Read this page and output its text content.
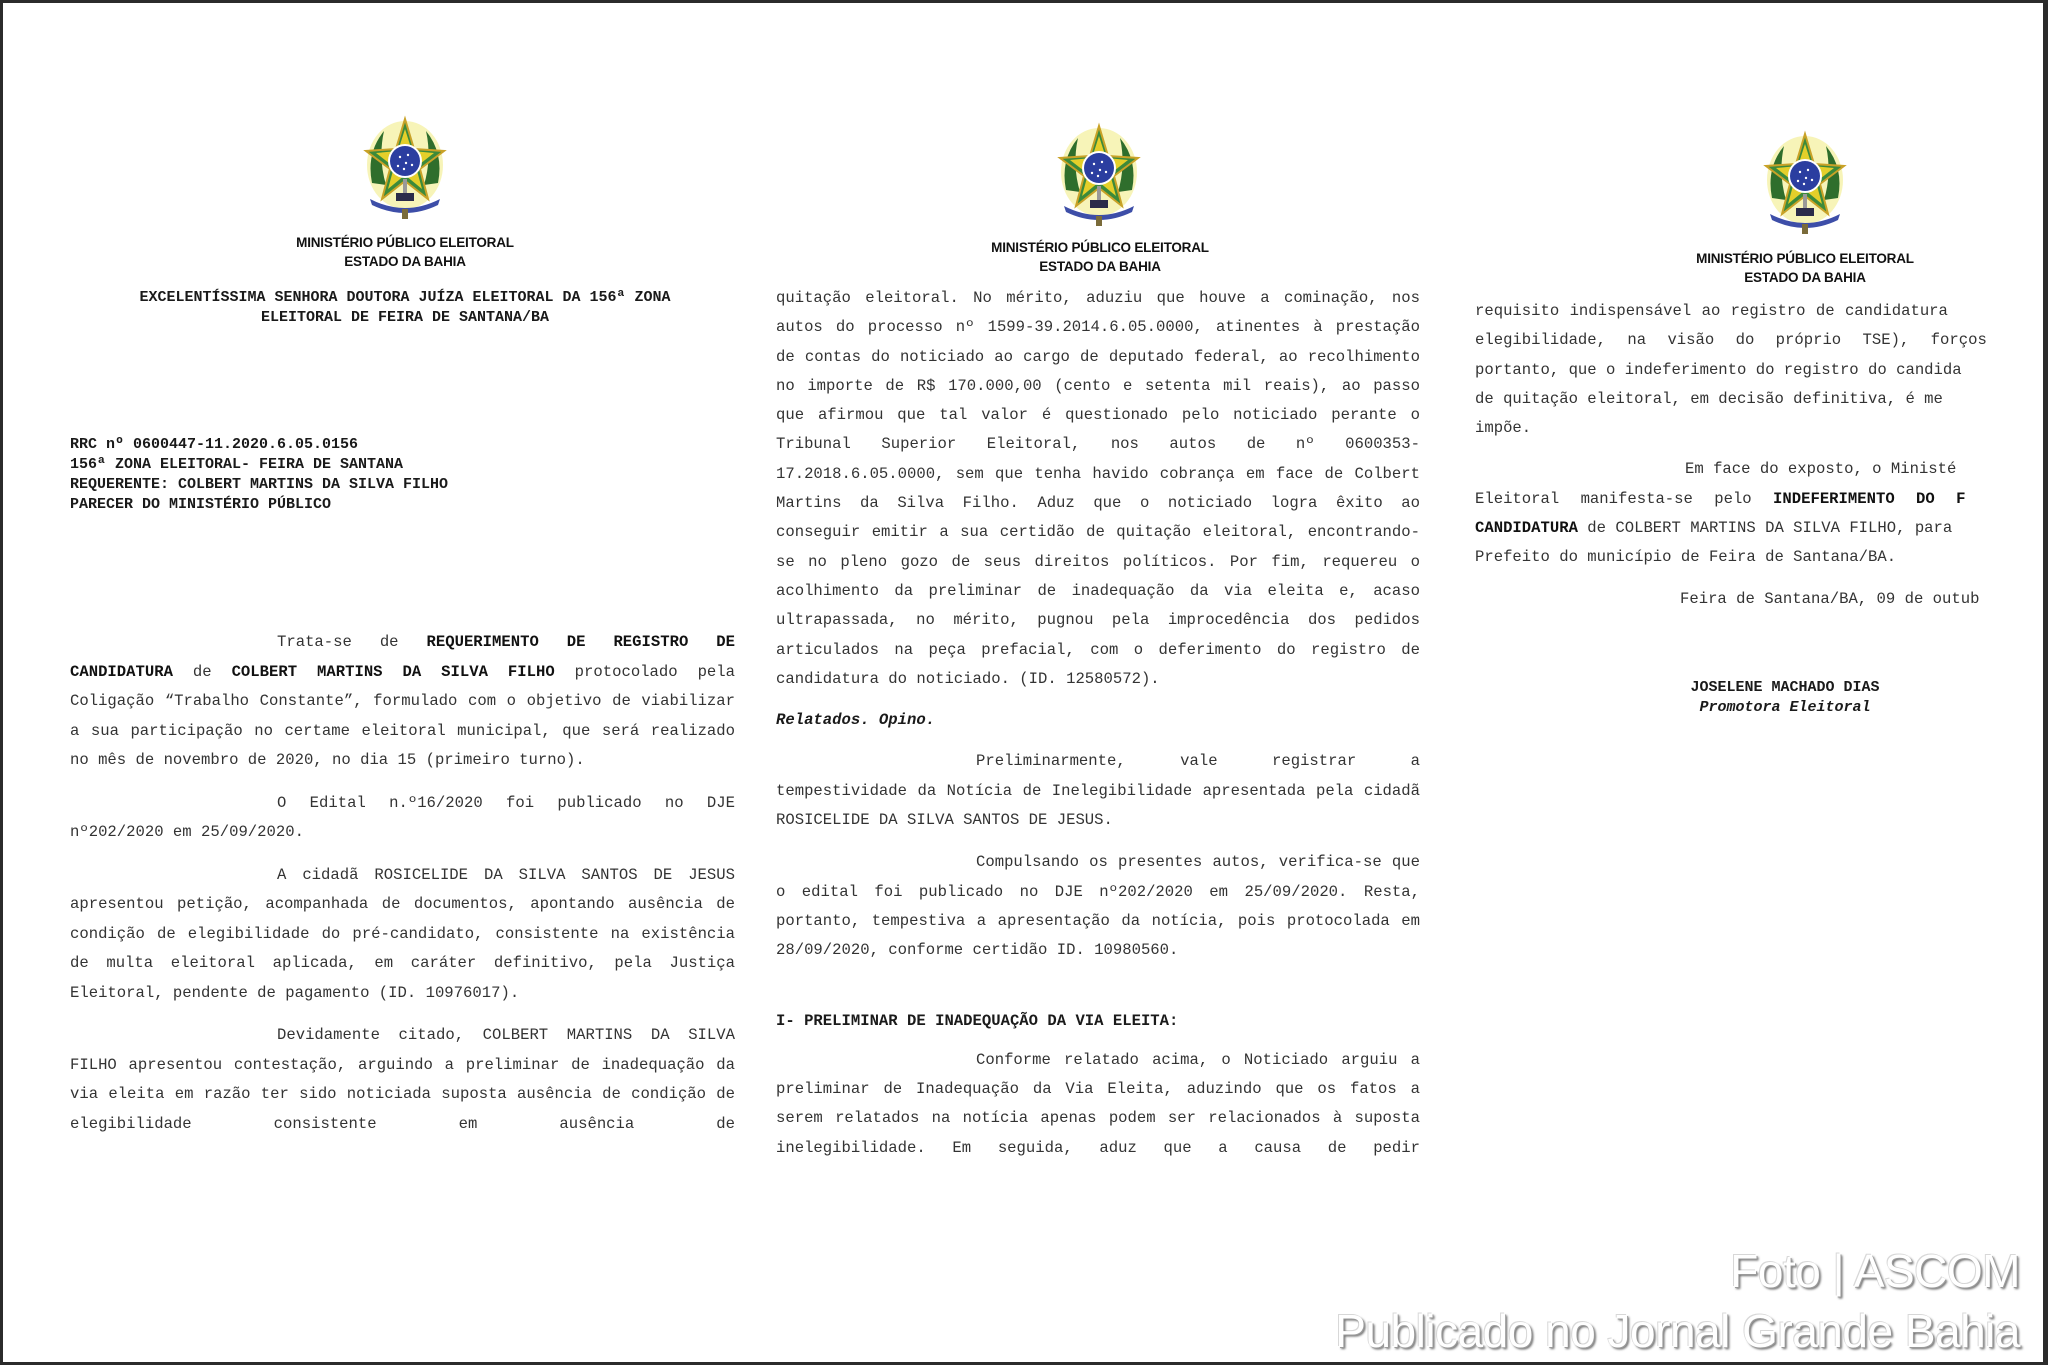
MINISTÉRIO PÚBLICO ELEITORAL
ESTADO DA BAHIA
EXCELENTÍSSIMA SENHORA DOUTORA JUÍZA ELEITORAL DA 156ª ZONA
ELEITORAL DE FEIRA DE SANTANA/BA
RRC nº 0600447-11.2020.6.05.0156
156ª ZONA ELEITORAL- FEIRA DE SANTANA
REQUERENTE: COLBERT MARTINS DA SILVA FILHO
PARECER DO MINISTÉRIO PÚBLICO

Trata-se de REQUERIMENTO DE REGISTRO DE CANDIDATURA de COLBERT MARTINS DA SILVA FILHO protocolado pela Coligação “Trabalho Constante”, formulado com o objetivo de viabilizar a sua participação no certame eleitoral municipal, que será realizado no mês de novembro de 2020, no dia 15 (primeiro turno).

O Edital n.º16/2020 foi publicado no DJE nº202/2020 em 25/09/2020.

A cidadã ROSICELIDE DA SILVA SANTOS DE JESUS apresentou petição, acompanhada de documentos, apontando ausência de condição de elegibilidade do pré-candidato, consistente na existência de multa eleitoral aplicada, em caráter definitivo, pela Justiça Eleitoral, pendente de pagamento (ID. 10976017).

Devidamente citado, COLBERT MARTINS DA SILVA FILHO apresentou contestação, arguindo a preliminar de inadequação da via eleita em razão ter sido noticiada suposta ausência de condição de elegibilidade consistente em ausência de

MINISTÉRIO PÚBLICO ELEITORAL
ESTADO DA BAHIA

quitação eleitoral. No mérito, aduziu que houve a cominação, nos autos do processo nº 1599-39.2014.6.05.0000, atinentes à prestação de contas do noticiado ao cargo de deputado federal, ao recolhimento no importe de R$ 170.000,00 (cento e setenta mil reais), ao passo que afirmou que tal valor é questionado pelo noticiado perante o Tribunal Superior Eleitoral, nos autos de nº 0600353-17.2018.6.05.0000, sem que tenha havido cobrança em face de Colbert Martins da Silva Filho. Aduz que o noticiado logra êxito ao conseguir emitir a sua certidão de quitação eleitoral, encontrando-se no pleno gozo de seus direitos políticos. Por fim, requereu o acolhimento da preliminar de inadequação da via eleita e, acaso ultrapassada, no mérito, pugnou pela improcedência dos pedidos articulados na peça prefacial, com o deferimento do registro de candidatura do noticiado. (ID. 12580572).

Relatados. Opino.

Preliminarmente, vale registrar a tempestividade da Notícia de Inelegibilidade apresentada pela cidadã ROSICELIDE DA SILVA SANTOS DE JESUS.

Compulsando os presentes autos, verifica-se que o edital foi publicado no DJE nº202/2020 em 25/09/2020. Resta, portanto, tempestiva a apresentação da notícia, pois protocolada em 28/09/2020, conforme certidão ID. 10980560.

I- PRELIMINAR DE INADEQUAÇÃO DA VIA ELEITA:

Conforme relatado acima, o Noticiado arguiu a preliminar de Inadequação da Via Eleita, aduzindo que os fatos a serem relatados na notícia apenas podem ser relacionados à suposta inelegibilidade. Em seguida, aduz que a causa de pedir

MINISTÉRIO PÚBLICO ELEITORAL
ESTADO DA BAHIA
requisito indispensável ao registro de candidatura
elegibilidade, na visão do próprio TSE), forços
portanto, que o indeferimento do registro do candida
de quitação eleitoral, em decisão definitiva, é me
impõe.
Em face do exposto, o Ministé
Eleitoral manifesta-se pelo INDEFERIMENTO DO F
CANDIDATURA de COLBERT MARTINS DA SILVA FILHO, para
Prefeito do município de Feira de Santana/BA.
Feira de Santana/BA, 09 de outub
JOSELENE MACHADO DIAS
Promotora Eleitoral
Foto | ASCOM
Publicado no Jornal Grande Bahia
